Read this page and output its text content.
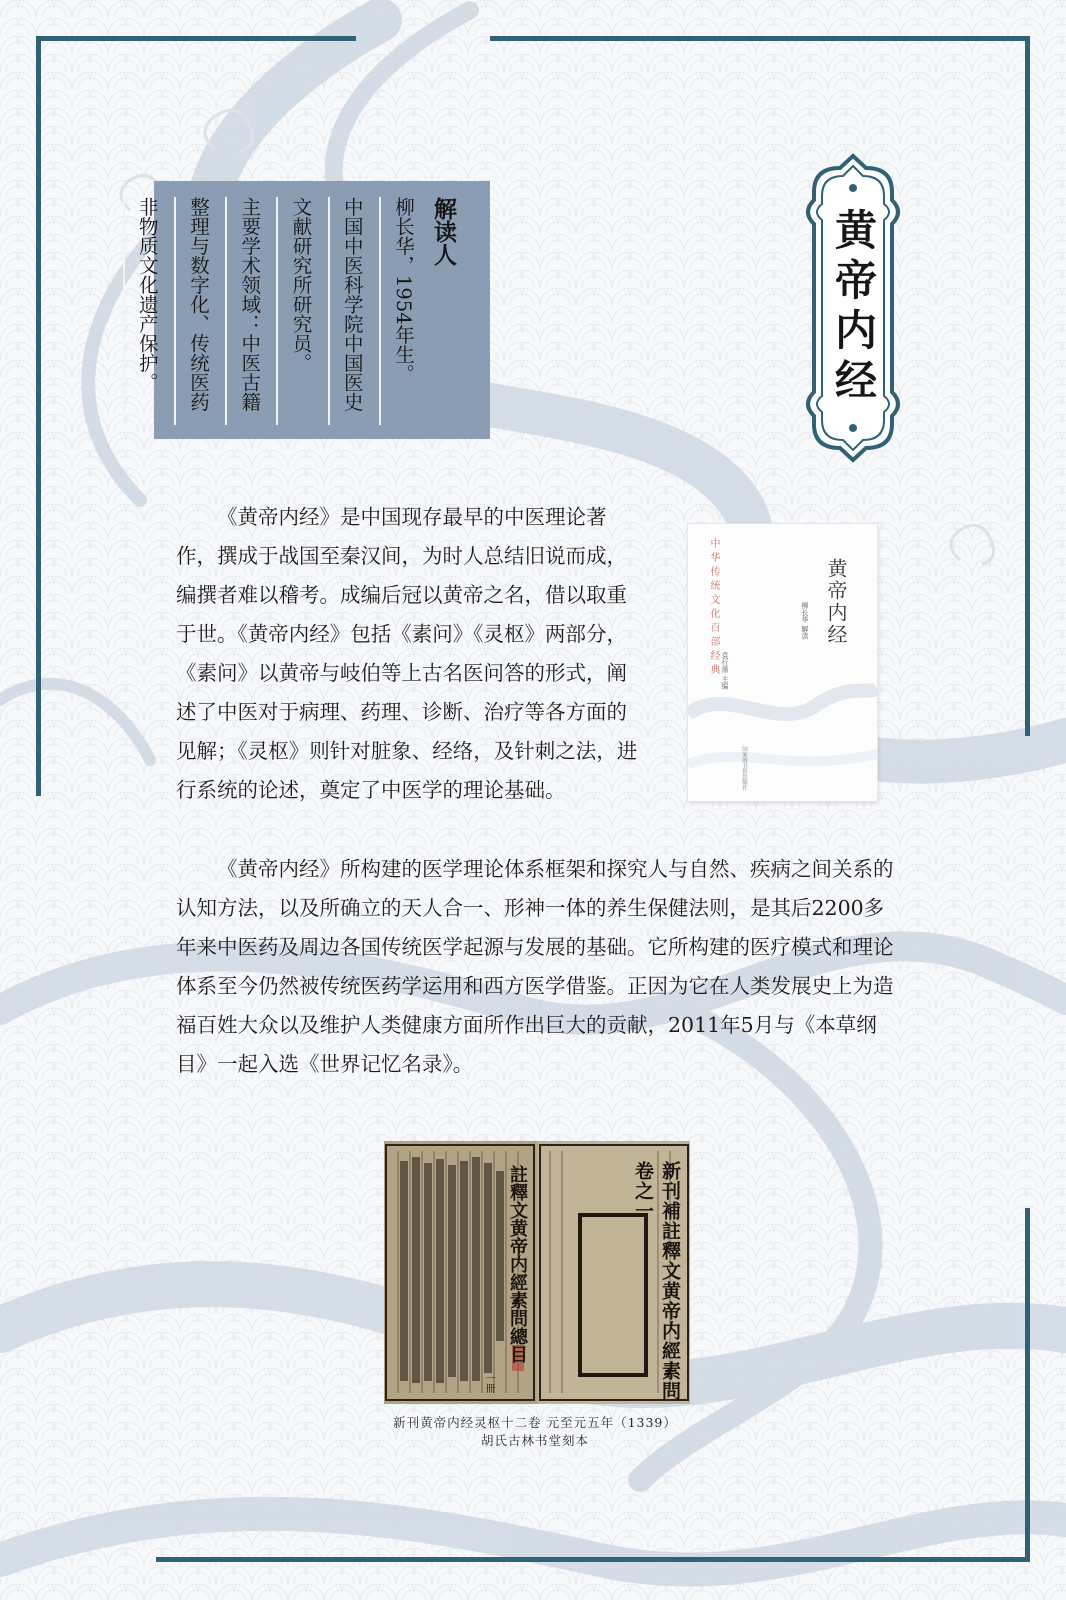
黄帝内经
解读人
柳长华，1954年生。
中国中医科学院中国医史
文献研究所研究员。
主要学术领域：中医古籍
整理与数字化、传统医药
非物质文化遗产保护。

《黄帝内经》是中国现存最早的中医理论著作，撰成于战国至秦汉间，为时人总结旧说而成，编撰者难以稽考。成编后冠以黄帝之名，借以取重于世。《黄帝内经》包括《素问》《灵枢》两部分，《素问》以黄帝与岐伯等上古名医问答的形式，阐述了中医对于病理、药理、诊断、治疗等各方面的见解；《灵枢》则针对脏象、经络，及针刺之法，进行系统的论述，奠定了中医学的理论基础。

中华传统文化百部经典 袁行霈 主编
黄帝内经
柳长华 解读
国家图书馆出版社

《黄帝内经》所构建的医学理论体系框架和探究人与自然、疾病之间关系的认知方法，以及所确立的天人合一、形神一体的养生保健法则，是其后2200多年来中医药及周边各国传统医学起源与发展的基础。它所构建的医疗模式和理论体系至今仍然被传统医药学运用和西方医学借鉴。正因为它在人类发展史上为造福百姓大众以及维护人类健康方面所作出巨大的贡献，2011年5月与《本草纲目》一起入选《世界记忆名录》。

新刊補註釋文黄帝内經素問卷之一
註釋文黄帝内經素問總目
一冊
新刊黄帝内经灵枢十二卷 元至元五年（1339）
胡氏古林书堂刻本
